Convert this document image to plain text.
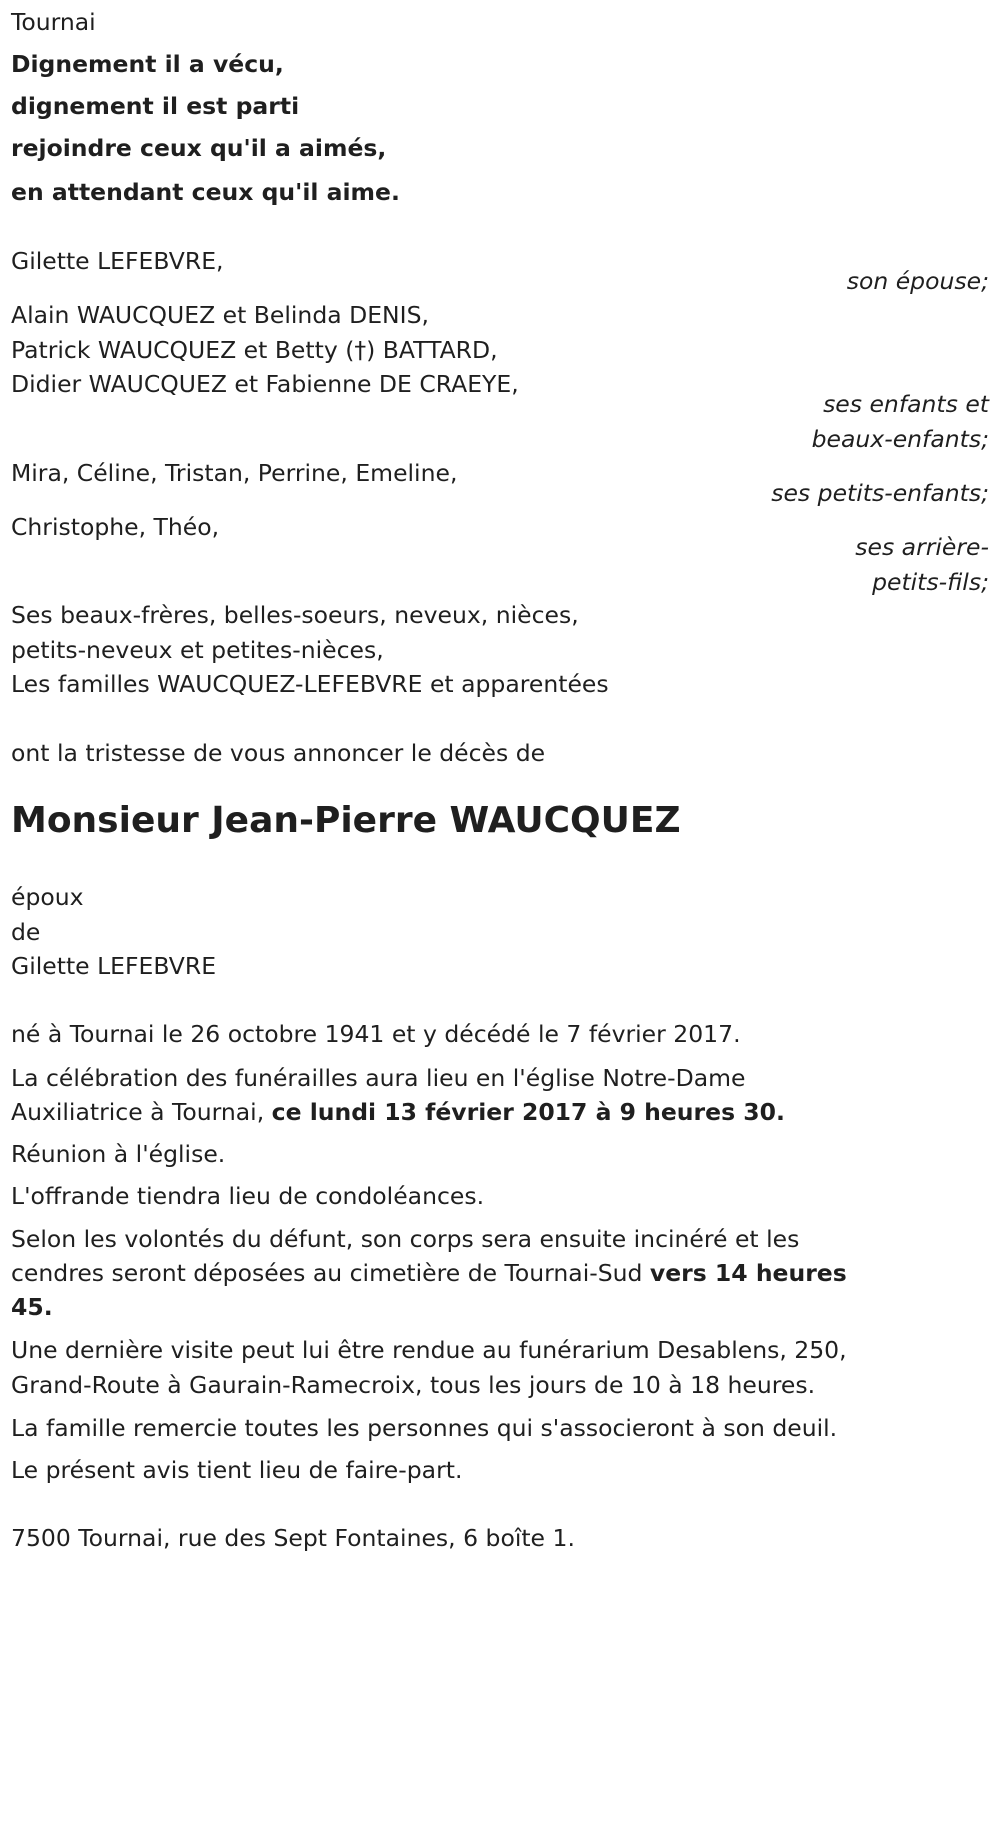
Tournai
Dignement il a vécu,
dignement il est parti
rejoindre ceux qu'il a aimés,
en attendant ceux qu'il aime.
Gilette LEFEBVRE,
son épouse;
Alain WAUCQUEZ et Belinda DENIS,
Patrick WAUCQUEZ et Betty (†) BATTARD,
Didier WAUCQUEZ et Fabienne DE CRAEYE,
ses enfants et
beaux-enfants;
Mira, Céline, Tristan, Perrine, Emeline,
ses petits-enfants;
Christophe, Théo,
ses arrière-
petits-fils;
Ses beaux-frères, belles-soeurs, neveux, nièces,
petits-neveux et petites-nièces,
Les familles WAUCQUEZ-LEFEBVRE et apparentées
ont la tristesse de vous annoncer le décès de
Monsieur Jean-Pierre WAUCQUEZ
époux
de
Gilette LEFEBVRE
né à Tournai le 26 octobre 1941 et y décédé le 7 février 2017.
La célébration des funérailles aura lieu en l'église Notre-Dame
Auxiliatrice à Tournai, ce lundi 13 février 2017 à 9 heures 30.
Réunion à l'église.
L'offrande tiendra lieu de condoléances.
Selon les volontés du défunt, son corps sera ensuite incinéré et les
cendres seront déposées au cimetière de Tournai-Sud vers 14 heures
45.
Une dernière visite peut lui être rendue au funérarium Desablens, 250,
Grand-Route à Gaurain-Ramecroix, tous les jours de 10 à 18 heures.
La famille remercie toutes les personnes qui s'associeront à son deuil.
Le présent avis tient lieu de faire-part.
7500 Tournai, rue des Sept Fontaines, 6 boîte 1.
